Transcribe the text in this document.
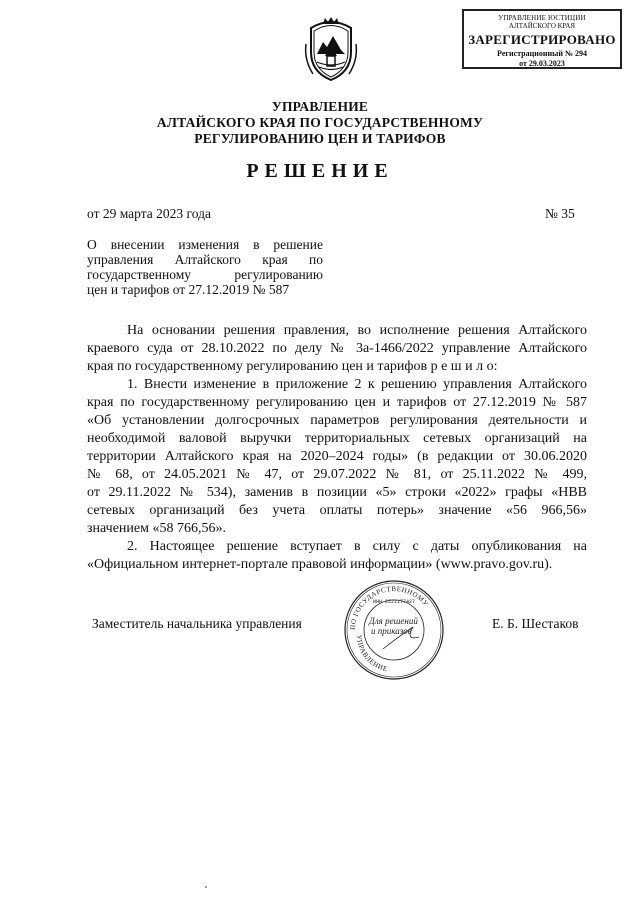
УПРАВЛЕНИЕ ЮСТИЦИИ
АЛТАЙСКОГО КРАЯ
ЗАРЕГИСТРИРОВАНО
Регистрационный № 294
от 29.03.2023
УПРАВЛЕНИЕ
АЛТАЙСКОГО КРАЯ ПО ГОСУДАРСТВЕННОМУ
РЕГУЛИРОВАНИЮ ЦЕН И ТАРИФОВ
РЕШЕНИЕ
от 29 марта 2023 года	№ 35
О внесении изменения в решение
управления Алтайского края по
государственному регулированию
цен и тарифов от 27.12.2019 № 587
На основании решения правления, во исполнение решения Алтайского
краевого суда от 28.10.2022 по делу № 3а-1466/2022 управление Алтайского
края по государственному регулированию цен и тарифов р е ш и л о:
1. Внести изменение в приложение 2 к решению управления Алтайского
края по государственному регулированию цен и тарифов от 27.12.2019 № 587
«Об установлении долгосрочных параметров регулирования деятельности и
необходимой валовой выручки территориальных сетевых организаций на
территории Алтайского края на 2020–2024 годы» (в редакции от 30.06.2020
№ 68, от 24.05.2021 № 47, от 29.07.2022 № 81, от 25.11.2022 № 499,
от 29.11.2022 № 534), заменив в позиции «5» строки «2022» графы «НВВ
сетевых организаций без учета оплаты потерь» значение «56 966,56»
значением «58 766,56».
2. Настоящее решение вступает в силу с даты опубликования на
«Официальном интернет-портале правовой информации» (www.pravo.gov.ru).
Заместитель начальника управления	ПО ГОСУДАРСТВЕННОМУ
УПРАВЛЕНИЕ
ИНН 2221177427
Для решений
и приказов	Е. Б. Шестаков
